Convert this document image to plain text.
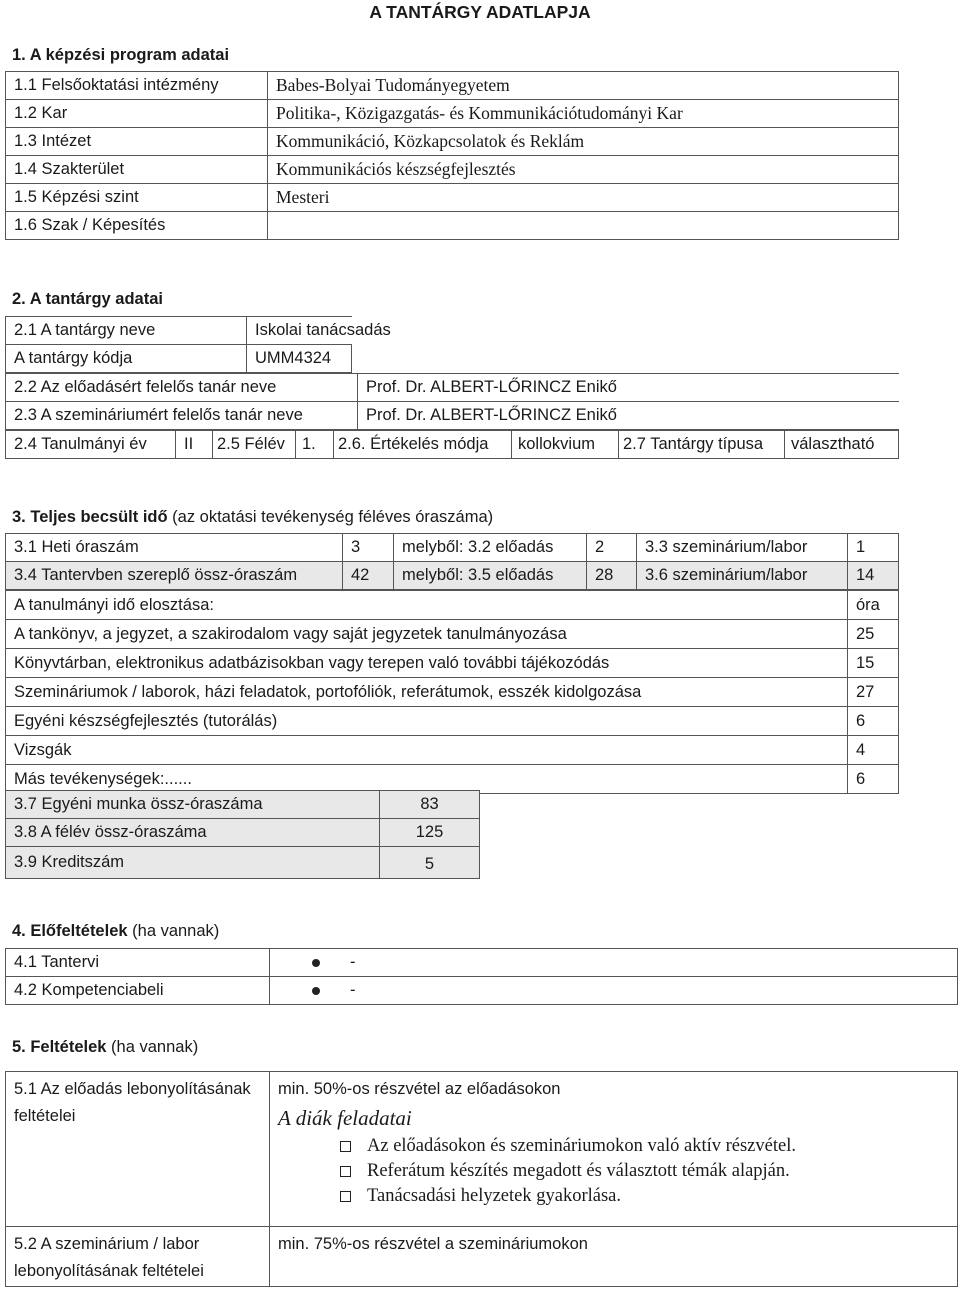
A TANTÁRGY ADATLAPJA
1. A képzési program adatai
1.1 Felsőoktatási intézmény	Babes-Bolyai Tudományegyetem
1.2 Kar	Politika-, Közigazgatás- és Kommunikációtudományi Kar
1.3 Intézet	Kommunikáció, Közkapcsolatok és Reklám
1.4 Szakterület	Kommunikációs készségfejlesztés
1.5 Képzési szint	Mesteri
1.6 Szak / Képesítés	
2. A tantárgy adatai
2.1 A tantárgy neve	Iskolai tanácsadás
A tantárgy kódja	UMM4324
2.2 Az előadásért felelős tanár neve	Prof. Dr. ALBERT-LŐRINCZ Enikő
2.3 A szemináriumért felelős tanár neve	Prof. Dr. ALBERT-LŐRINCZ Enikő
2.4 Tanulmányi év	II	2.5 Félév	1.	2.6. Értékelés módja	kollokvium	2.7 Tantárgy típusa	választható
3. Teljes becsült idő (az oktatási tevékenység féléves óraszáma)
3.1 Heti óraszám	3	melyből: 3.2 előadás	2	3.3 szeminárium/labor	1
3.4 Tantervben szereplő össz-óraszám	42	melyből: 3.5 előadás	28	3.6 szeminárium/labor	14
A tanulmányi idő elosztása:	óra
A tankönyv, a jegyzet, a szakirodalom vagy saját jegyzetek tanulmányozása	25
Könyvtárban, elektronikus adatbázisokban vagy terepen való további tájékozódás	15
Szemináriumok / laborok, házi feladatok, portofóliók, referátumok, esszék kidolgozása	27
Egyéni készségfejlesztés (tutorálás)	6
Vizsgák	4
Más tevékenységek:......	6
3.7 Egyéni munka össz-óraszáma	83
3.8 A félév össz-óraszáma	125
3.9 Kreditszám	5
4. Előfeltételek (ha vannak)
4.1 Tantervi	-
4.2 Kompetenciabeli	-
5. Feltételek (ha vannak)
5.1 Az előadás lebonyolításának feltételei	min. 50%-os részvétel az előadásokon
A diák feladatai
Az előadásokon és szemináriumokon való aktív részvétel.
Referátum készítés megadott és választott témák alapján.
Tanácsadási helyzetek gyakorlása.

5.2 A szeminárium / labor lebonyolításának feltételei	min. 75%-os részvétel a szemináriumokon
